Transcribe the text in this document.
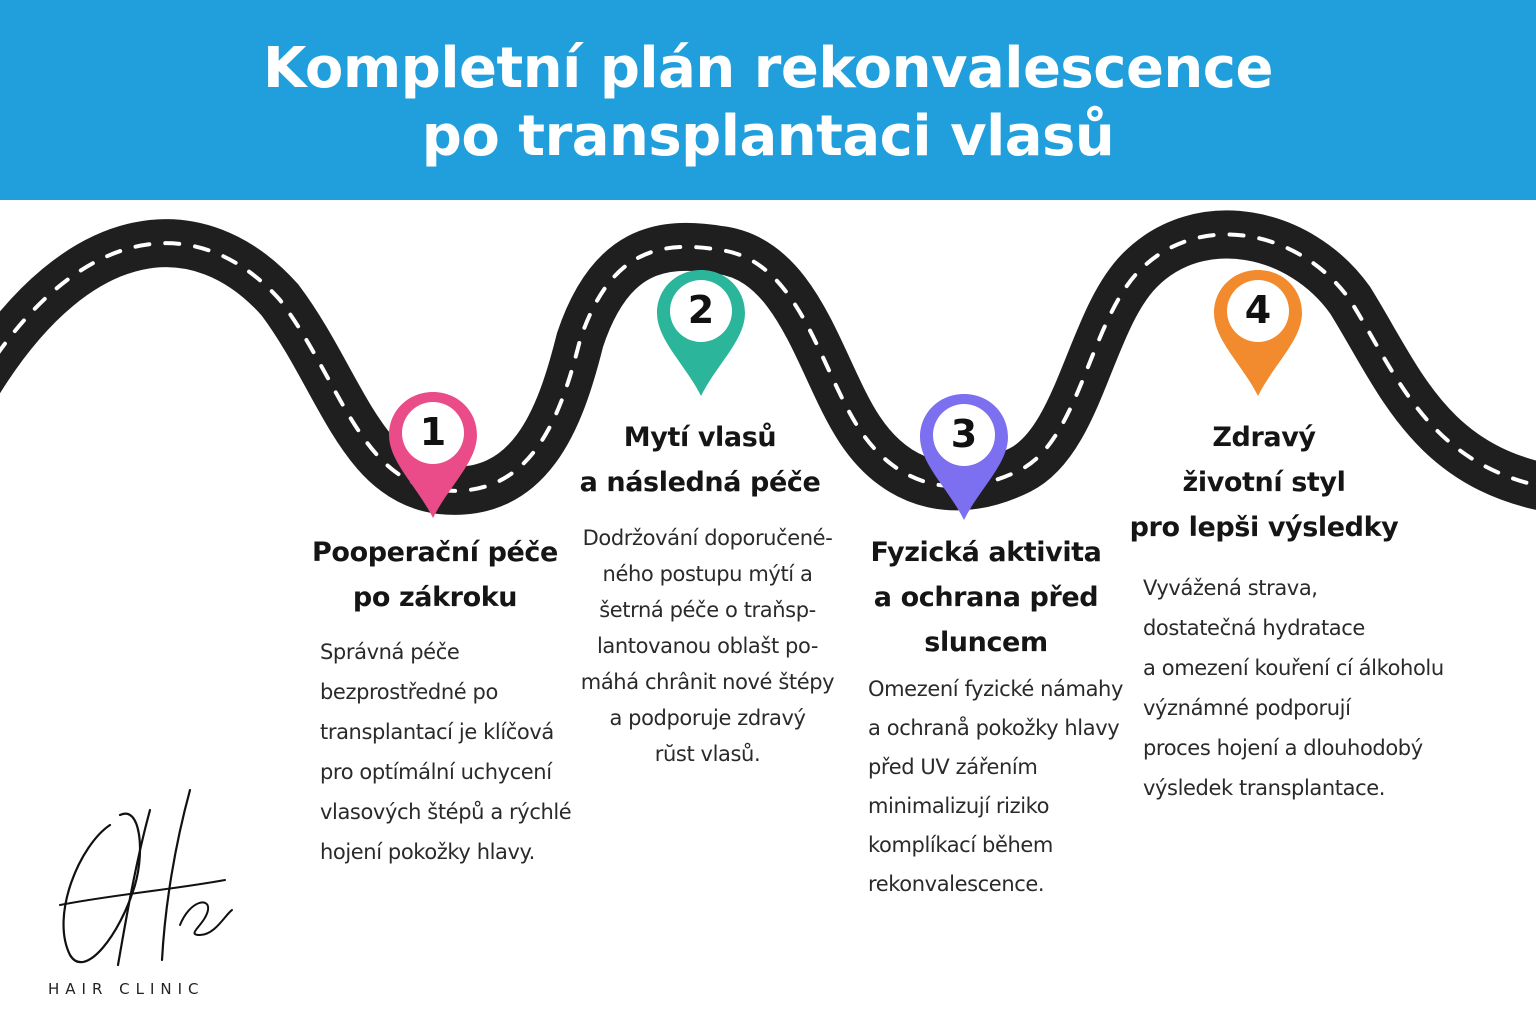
Kompletní plán rekonvalescence
po transplantaci vlasů
1
Pooperační péče
po zákroku
Správná péče
bezprostředné po
transplantací je klíčová
pro optímální uchycení
vlasových štépů a rýchlé
hojení pokožky hlavy.
2
Mytí vlasů
a následná péče
Dodržování doporučené-
ného postupu mýtí a
šetrná péče o traňsp-
lantovanou oblašt po-
máhá chrânit nové štépy
a podporuje zdravý
rŭst vlasů.
3
Fyzická aktivita
a ochrana před
sluncem
Omezení fyzické námahy
a ochranå pokožky hlavy
před UV zářením
minimalizují riziko
komplíkací během
rekonvalescence.
4
Zdravý
životní styl
pro lepši výsledky
Vyvážená strava,
dostatečná hydratace
a omezení kouření cí álkoholu
význámné podporují
proces hojení a dlouhodobý
výsledek transplantace.
HAIR CLINIC
